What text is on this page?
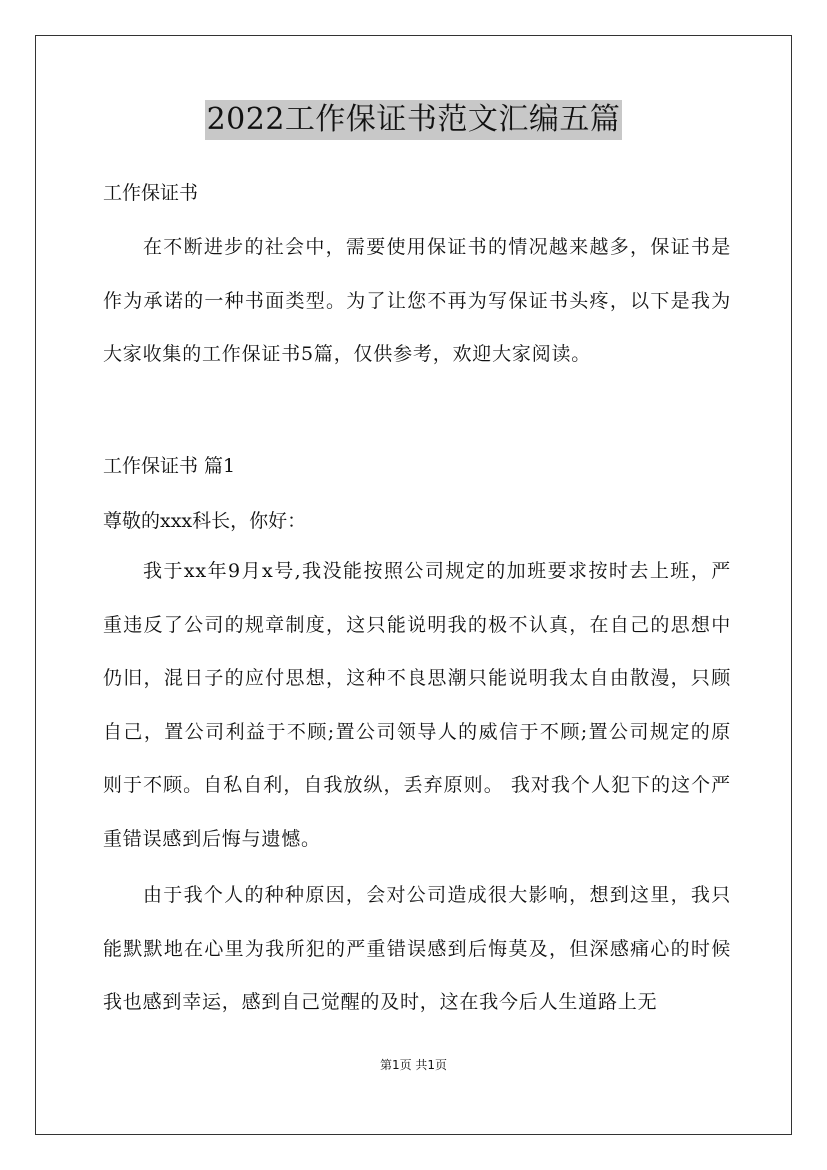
2022工作保证书范文汇编五篇
工作保证书
在不断进步的社会中，需要使用保证书的情况越来越多，保证书是作为承诺的一种书面类型。为了让您不再为写保证书头疼，以下是我为大家收集的工作保证书5篇，仅供参考，欢迎大家阅读。
工作保证书 篇1
尊敬的xxx科长，你好：
我于xx年9月x号,我没能按照公司规定的加班要求按时去上班，严重违反了公司的规章制度，这只能说明我的极不认真，在自己的思想中仍旧，混日子的应付思想，这种不良思潮只能说明我太自由散漫，只顾自己，置公司利益于不顾;置公司领导人的威信于不顾;置公司规定的原则于不顾。自私自利，自我放纵，丢弃原则。 我对我个人犯下的这个严重错误感到后悔与遗憾。
由于我个人的种种原因，会对公司造成很大影响，想到这里，我只能默默地在心里为我所犯的严重错误感到后悔莫及，但深感痛心的时候我也感到幸运，感到自己觉醒的及时，这在我今后人生道路上无
第1页 共1页
